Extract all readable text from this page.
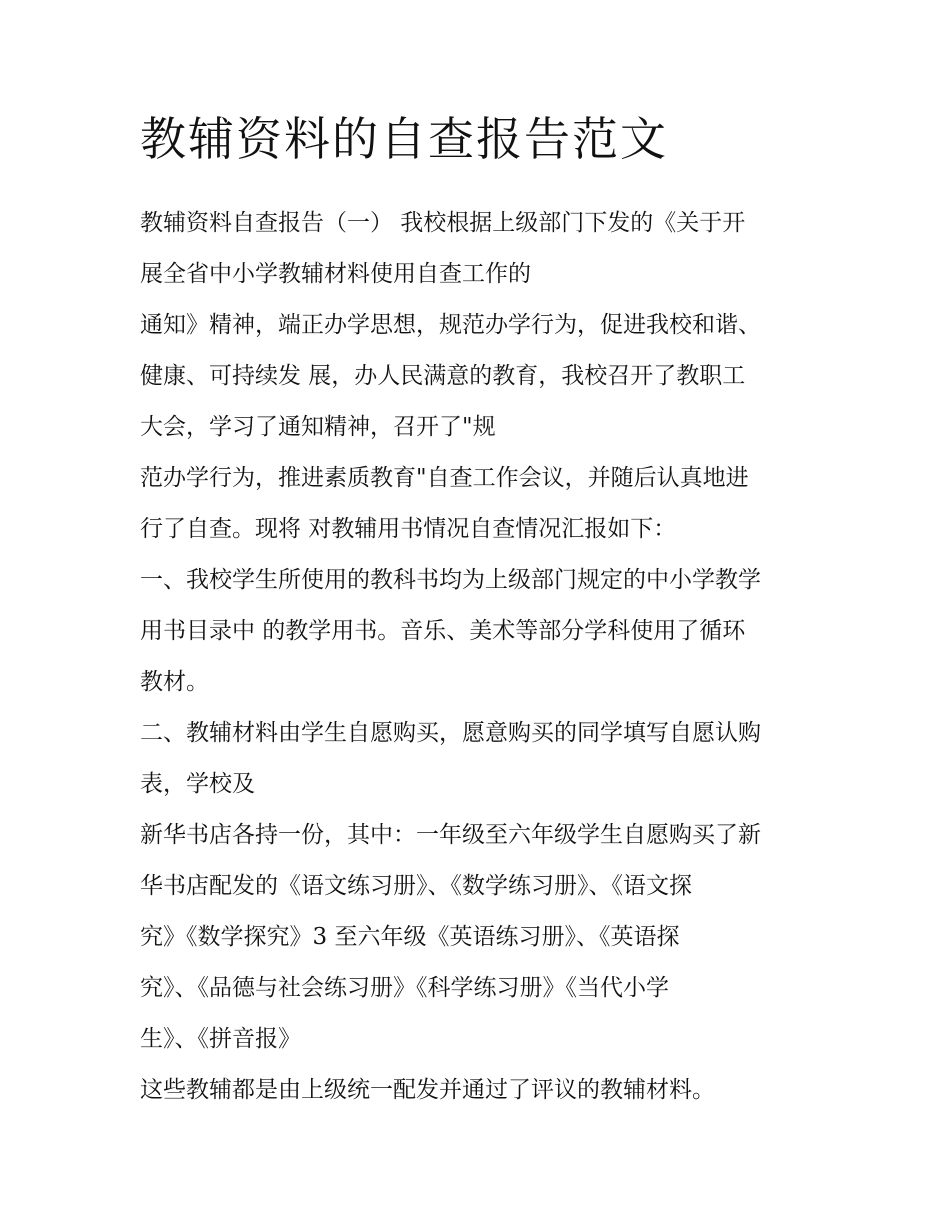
教辅资料的自查报告范文
教辅资料自查报告（一） 我校根据上级部门下发的《关于开
展全省中小学教辅材料使用自查工作的
通知》精神，端正办学思想，规范办学行为，促进我校和谐、
健康、可持续发 展，办人民满意的教育，我校召开了教职工
大会，学习了通知精神，召开了"规
范办学行为，推进素质教育"自查工作会议，并随后认真地进
行了自查。现将 对教辅用书情况自查情况汇报如下：
一、我校学生所使用的教科书均为上级部门规定的中小学教学
用书目录中 的教学用书。音乐、美术等部分学科使用了循环
教材。
二、教辅材料由学生自愿购买，愿意购买的同学填写自愿认购
表，学校及
新华书店各持一份，其中：一年级至六年级学生自愿购买了新
华书店配发的《语文练习册》、《数学练习册》、《语文探
究》《数学探究》3 至六年级《英语练习册》、《英语探
究》、《品德与社会练习册》《科学练习册》《当代小学
生》、《拼音报》
这些教辅都是由上级统一配发并通过了评议的教辅材料。
